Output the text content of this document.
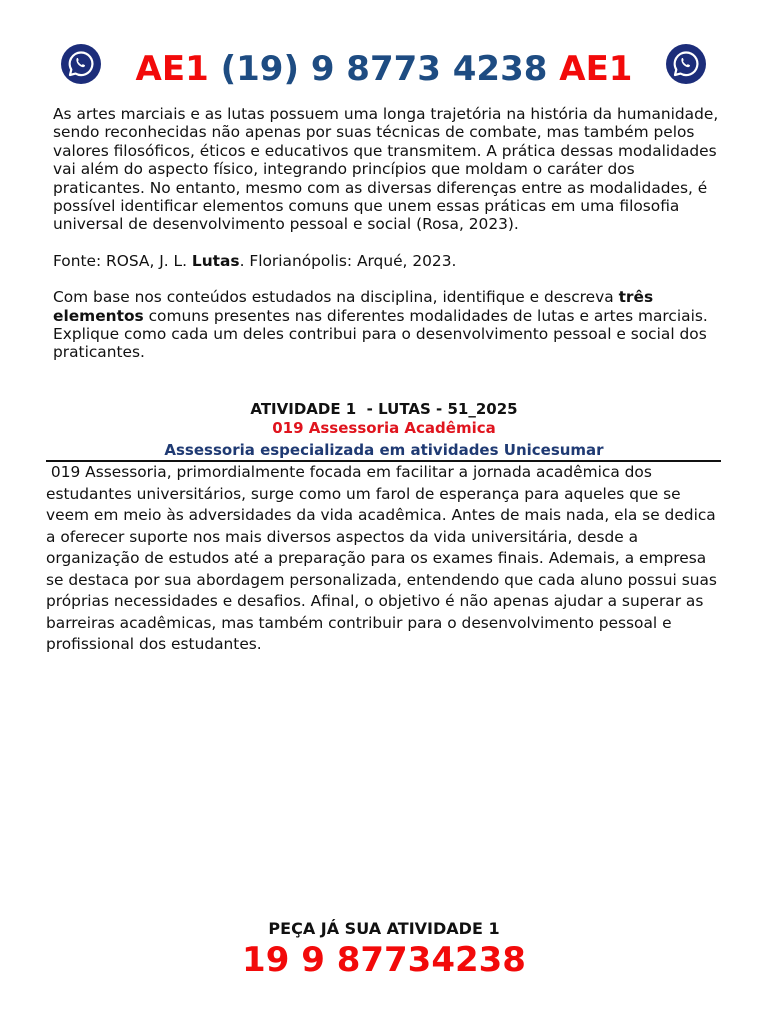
AE1 (19) 9 8773 4238 AE1

As artes marciais e as lutas possuem uma longa trajetória na história da humanidade, sendo reconhecidas não apenas por suas técnicas de combate, mas também pelos valores filosóficos, éticos e educativos que transmitem. A prática dessas modalidades vai além do aspecto físico, integrando princípios que moldam o caráter dos praticantes. No entanto, mesmo com as diversas diferenças entre as modalidades, é possível identificar elementos comuns que unem essas práticas em uma filosofia universal de desenvolvimento pessoal e social (Rosa, 2023).

Fonte: ROSA, J. L. Lutas. Florianópolis: Arqué, 2023.

Com base nos conteúdos estudados na disciplina, identifique e descreva três elementos comuns presentes nas diferentes modalidades de lutas e artes marciais. Explique como cada um deles contribui para o desenvolvimento pessoal e social dos praticantes.

ATIVIDADE 1  - LUTAS - 51_2025
019 Assessoria Acadêmica
Assessoria especializada em atividades Unicesumar
019 Assessoria, primordialmente focada em facilitar a jornada acadêmica dos estudantes universitários, surge como um farol de esperança para aqueles que se veem em meio às adversidades da vida acadêmica. Antes de mais nada, ela se dedica a oferecer suporte nos mais diversos aspectos da vida universitária, desde a organização de estudos até a preparação para os exames finais. Ademais, a empresa se destaca por sua abordagem personalizada, entendendo que cada aluno possui suas próprias necessidades e desafios. Afinal, o objetivo é não apenas ajudar a superar as barreiras acadêmicas, mas também contribuir para o desenvolvimento pessoal e profissional dos estudantes.
PEÇA JÁ SUA ATIVIDADE 1
19 9 87734238
